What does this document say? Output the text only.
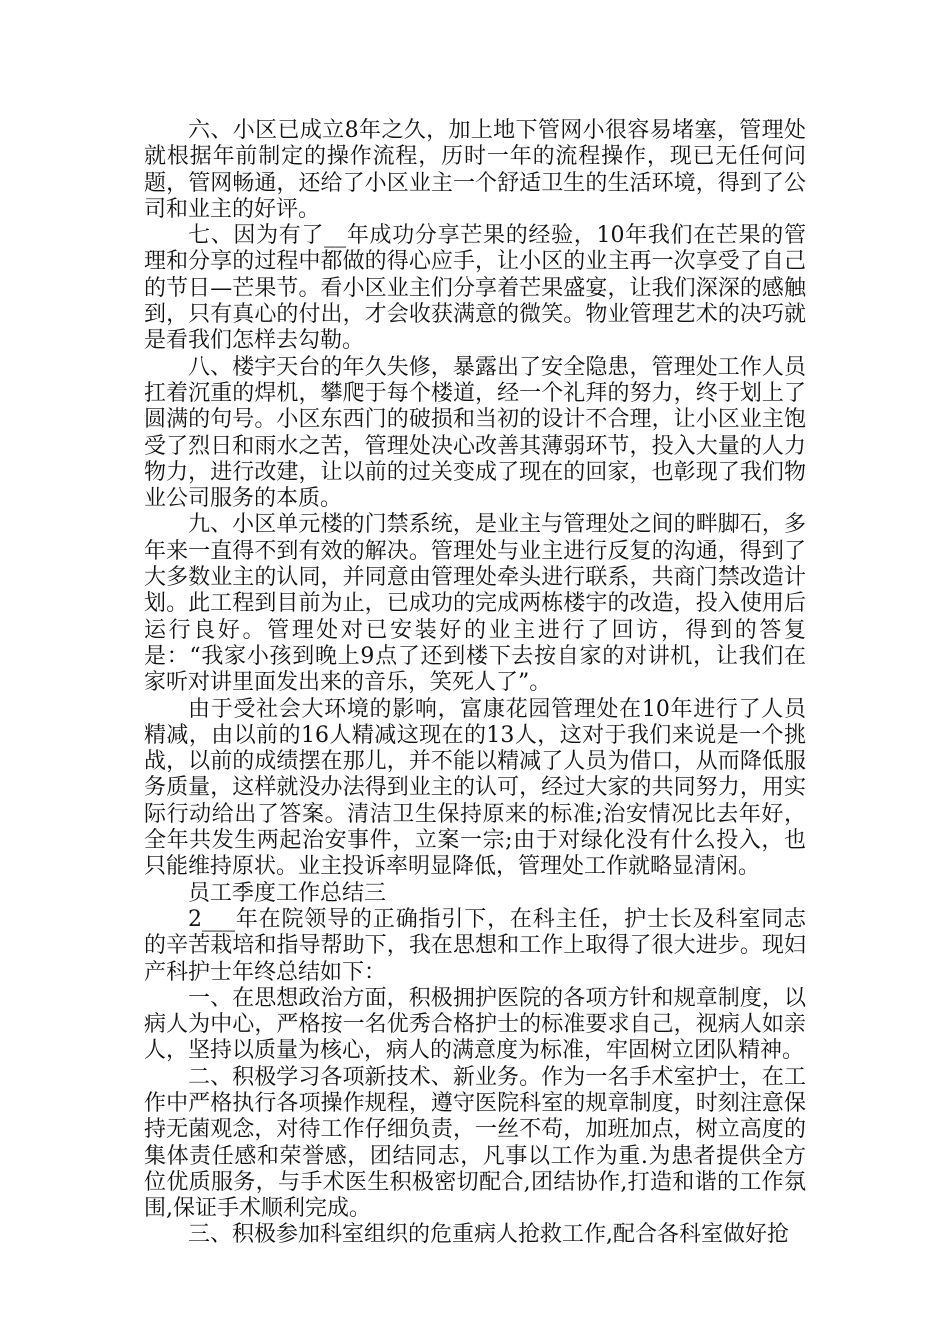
六、小区已成立8年之久，加上地下管网小很容易堵塞，管理处就根据年前制定的操作流程，历时一年的流程操作，现已无任何问题，管网畅通，还给了小区业主一个舒适卫生的生活环境，得到了公司和业主的好评。

七、因为有了__年成功分享芒果的经验，10年我们在芒果的管理和分享的过程中都做的得心应手，让小区的业主再一次享受了自己的节日—芒果节。看小区业主们分享着芒果盛宴，让我们深深的感触到，只有真心的付出，才会收获满意的微笑。物业管理艺术的决巧就是看我们怎样去勾勒。

八、楼宇天台的年久失修，暴露出了安全隐患，管理处工作人员扛着沉重的焊机，攀爬于每个楼道，经一个礼拜的努力，终于划上了圆满的句号。小区东西门的破损和当初的设计不合理，让小区业主饱受了烈日和雨水之苦，管理处决心改善其薄弱环节，投入大量的人力物力，进行改建，让以前的过关变成了现在的回家，也彰现了我们物业公司服务的本质。

九、小区单元楼的门禁系统，是业主与管理处之间的畔脚石，多年来一直得不到有效的解决。管理处与业主进行反复的沟通，得到了大多数业主的认同，并同意由管理处牵头进行联系，共商门禁改造计划。此工程到目前为止，已成功的完成两栋楼宇的改造，投入使用后运行良好。管理处对已安装好的业主进行了回访，得到的答复是：“我家小孩到晚上9点了还到楼下去按自家的对讲机，让我们在家听对讲里面发出来的音乐，笑死人了”。

由于受社会大环境的影响，富康花园管理处在10年进行了人员精减，由以前的16人精减这现在的13人，这对于我们来说是一个挑战，以前的成绩摆在那儿，并不能以精减了人员为借口，从而降低服务质量，这样就没办法得到业主的认可，经过大家的共同努力，用实际行动给出了答案。清洁卫生保持原来的标准;治安情况比去年好，全年共发生两起治安事件，立案一宗;由于对绿化没有什么投入，也只能维持原状。业主投诉率明显降低，管理处工作就略显清闲。

员工季度工作总结三

2___年在院领导的正确指引下，在科主任，护士长及科室同志的辛苦栽培和指导帮助下，我在思想和工作上取得了很大进步。现妇产科护士年终总结如下：

一、在思想政治方面，积极拥护医院的各项方针和规章制度，以病人为中心，严格按一名优秀合格护士的标准要求自己，视病人如亲人，坚持以质量为核心，病人的满意度为标准，牢固树立团队精神。

二、积极学习各项新技术、新业务。作为一名手术室护士，在工作中严格执行各项操作规程，遵守医院科室的规章制度，时刻注意保持无菌观念，对待工作仔细负责，一丝不苟，加班加点，树立高度的集体责任感和荣誉感，团结同志，凡事以工作为重.为患者提供全方位优质服务，与手术医生积极密切配合,团结协作,打造和谐的工作氛围,保证手术顺利完成。

三、积极参加科室组织的危重病人抢救工作,配合各科室做好抢
